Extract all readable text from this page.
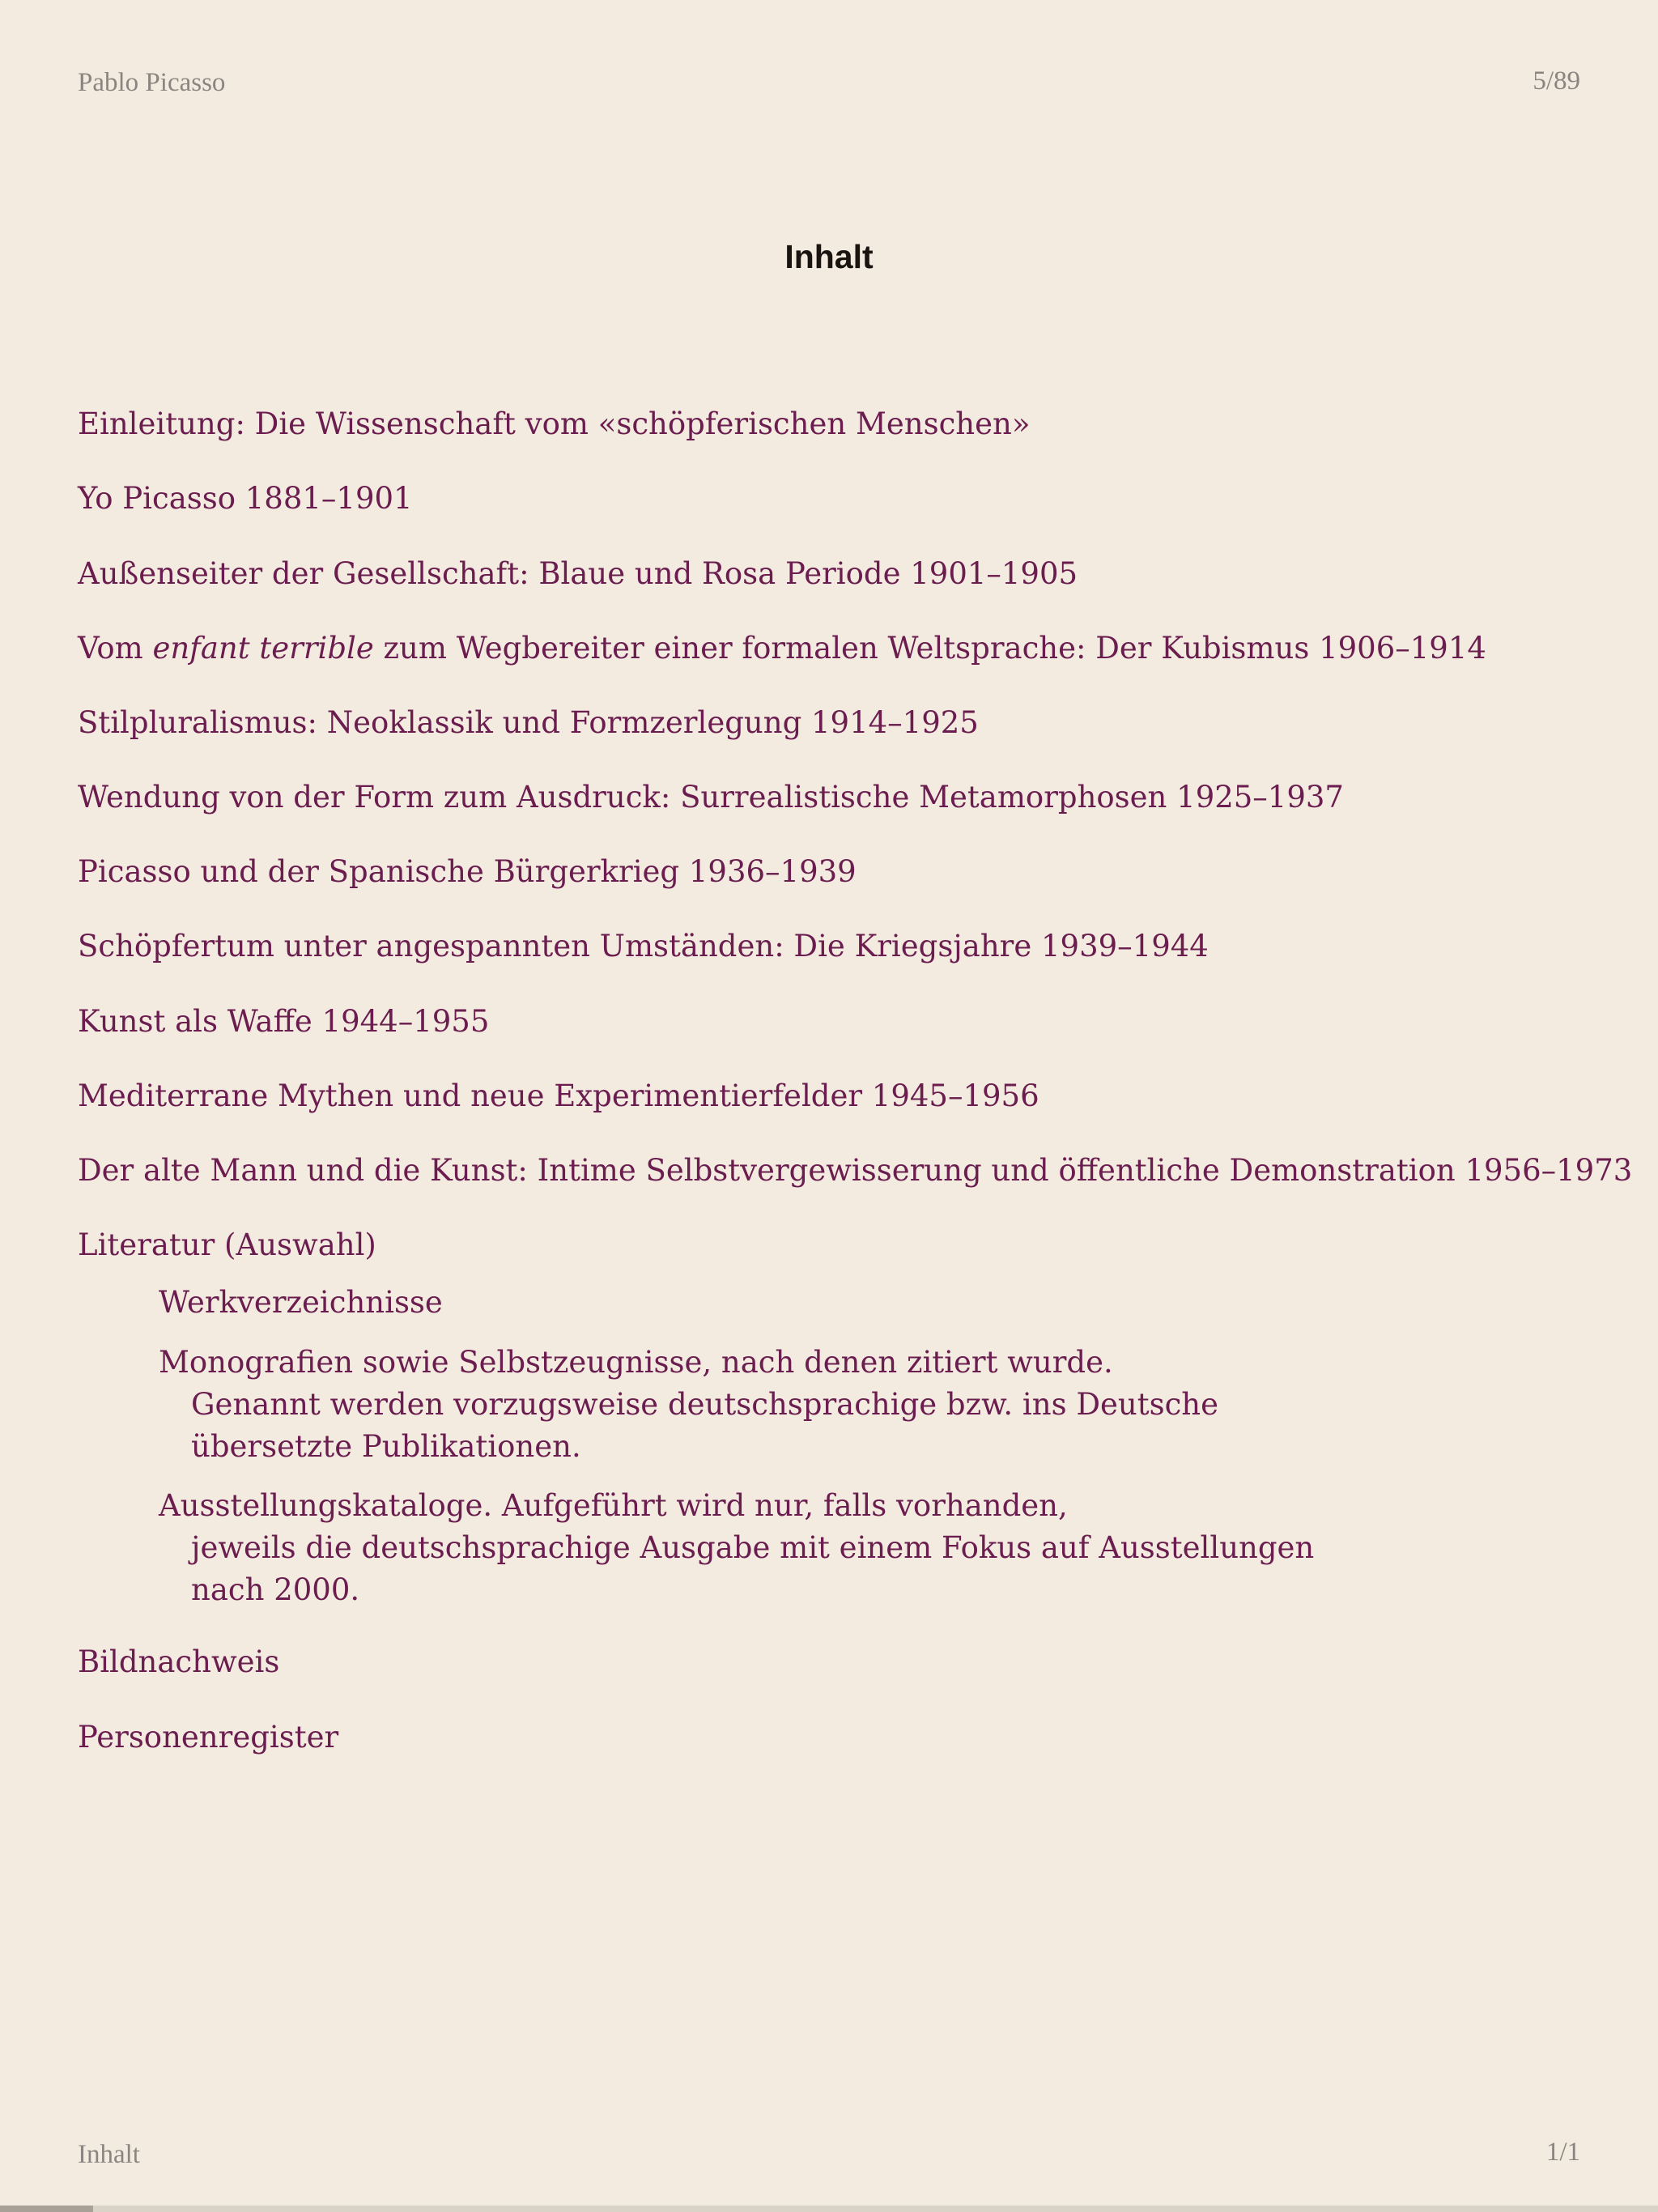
Pablo Picasso	5/89
Inhalt
Einleitung: Die Wissenschaft vom «schöpferischen Menschen»
Yo Picasso 1881–1901
Außenseiter der Gesellschaft: Blaue und Rosa Periode 1901–1905
Vom enfant terrible zum Wegbereiter einer formalen Weltsprache: Der Kubismus 1906–1914
Stilpluralismus: Neoklassik und Formzerlegung 1914–1925
Wendung von der Form zum Ausdruck: Surrealistische Metamorphosen 1925–1937
Picasso und der Spanische Bürgerkrieg 1936–1939
Schöpfertum unter angespannten Umständen: Die Kriegsjahre 1939–1944
Kunst als Waffe 1944–1955
Mediterrane Mythen und neue Experimentierfelder 1945–1956
Der alte Mann und die Kunst: Intime Selbstvergewisserung und öffentliche Demonstration 1956–1973
Literatur (Auswahl)
Werkverzeichnisse
Monografien sowie Selbstzeugnisse, nach denen zitiert wurde.
Genannt werden vorzugsweise deutschsprachige bzw. ins Deutsche
übersetzte Publikationen.
Ausstellungskataloge. Aufgeführt wird nur, falls vorhanden,
jeweils die deutschsprachige Ausgabe mit einem Fokus auf Ausstellungen
nach 2000.
Bildnachweis
Personenregister
Inhalt	1/1
